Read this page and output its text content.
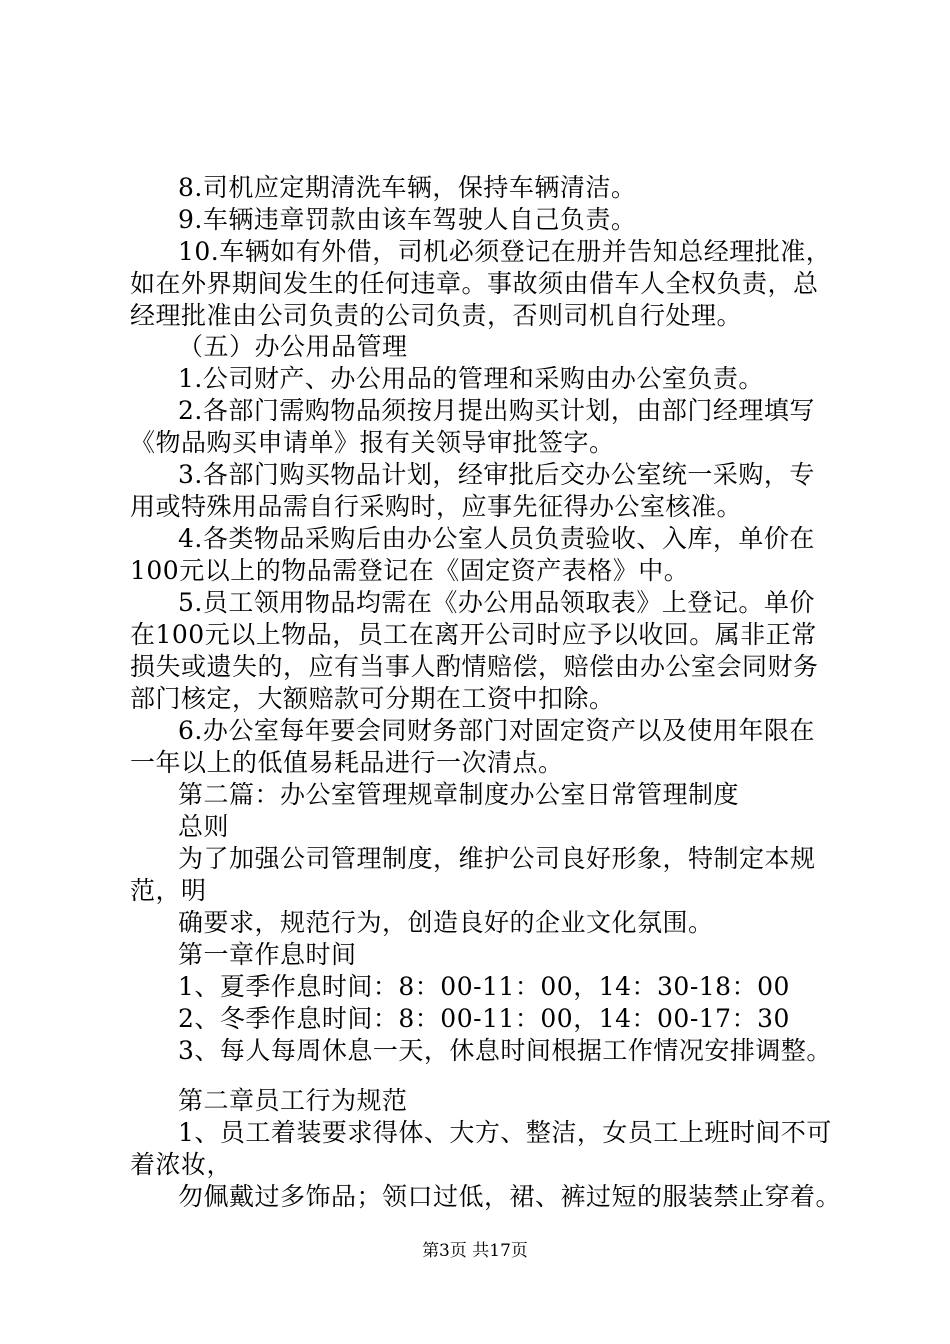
8.司机应定期清洗车辆，保持车辆清洁。
9.车辆违章罚款由该车驾驶人自己负责。
10.车辆如有外借，司机必须登记在册并告知总经理批准，
如在外界期间发生的任何违章。事故须由借车人全权负责，总
经理批准由公司负责的公司负责，否则司机自行处理。
（五）办公用品管理
1.公司财产、办公用品的管理和采购由办公室负责。
2.各部门需购物品须按月提出购买计划，由部门经理填写
《物品购买申请单》报有关领导审批签字。
3.各部门购买物品计划，经审批后交办公室统一采购，专
用或特殊用品需自行采购时，应事先征得办公室核准。
4.各类物品采购后由办公室人员负责验收、入库，单价在
100元以上的物品需登记在《固定资产表格》中。
5.员工领用物品均需在《办公用品领取表》上登记。单价
在100元以上物品，员工在离开公司时应予以收回。属非正常
损失或遗失的，应有当事人酌情赔偿，赔偿由办公室会同财务
部门核定，大额赔款可分期在工资中扣除。
6.办公室每年要会同财务部门对固定资产以及使用年限在
一年以上的低值易耗品进行一次清点。
第二篇：办公室管理规章制度办公室日常管理制度
总则
为了加强公司管理制度，维护公司良好形象，特制定本规
范，明
确要求，规范行为，创造良好的企业文化氛围。
第一章作息时间
1、夏季作息时间：8：00-11：00，14：30-18：00
2、冬季作息时间：8：00-11：00，14：00-17：30
3、每人每周休息一天，休息时间根据工作情况安排调整。
第二章员工行为规范
1、员工着装要求得体、大方、整洁，女员工上班时间不可
着浓妆，
勿佩戴过多饰品；领口过低，裙、裤过短的服装禁止穿着。
第3页 共17页
